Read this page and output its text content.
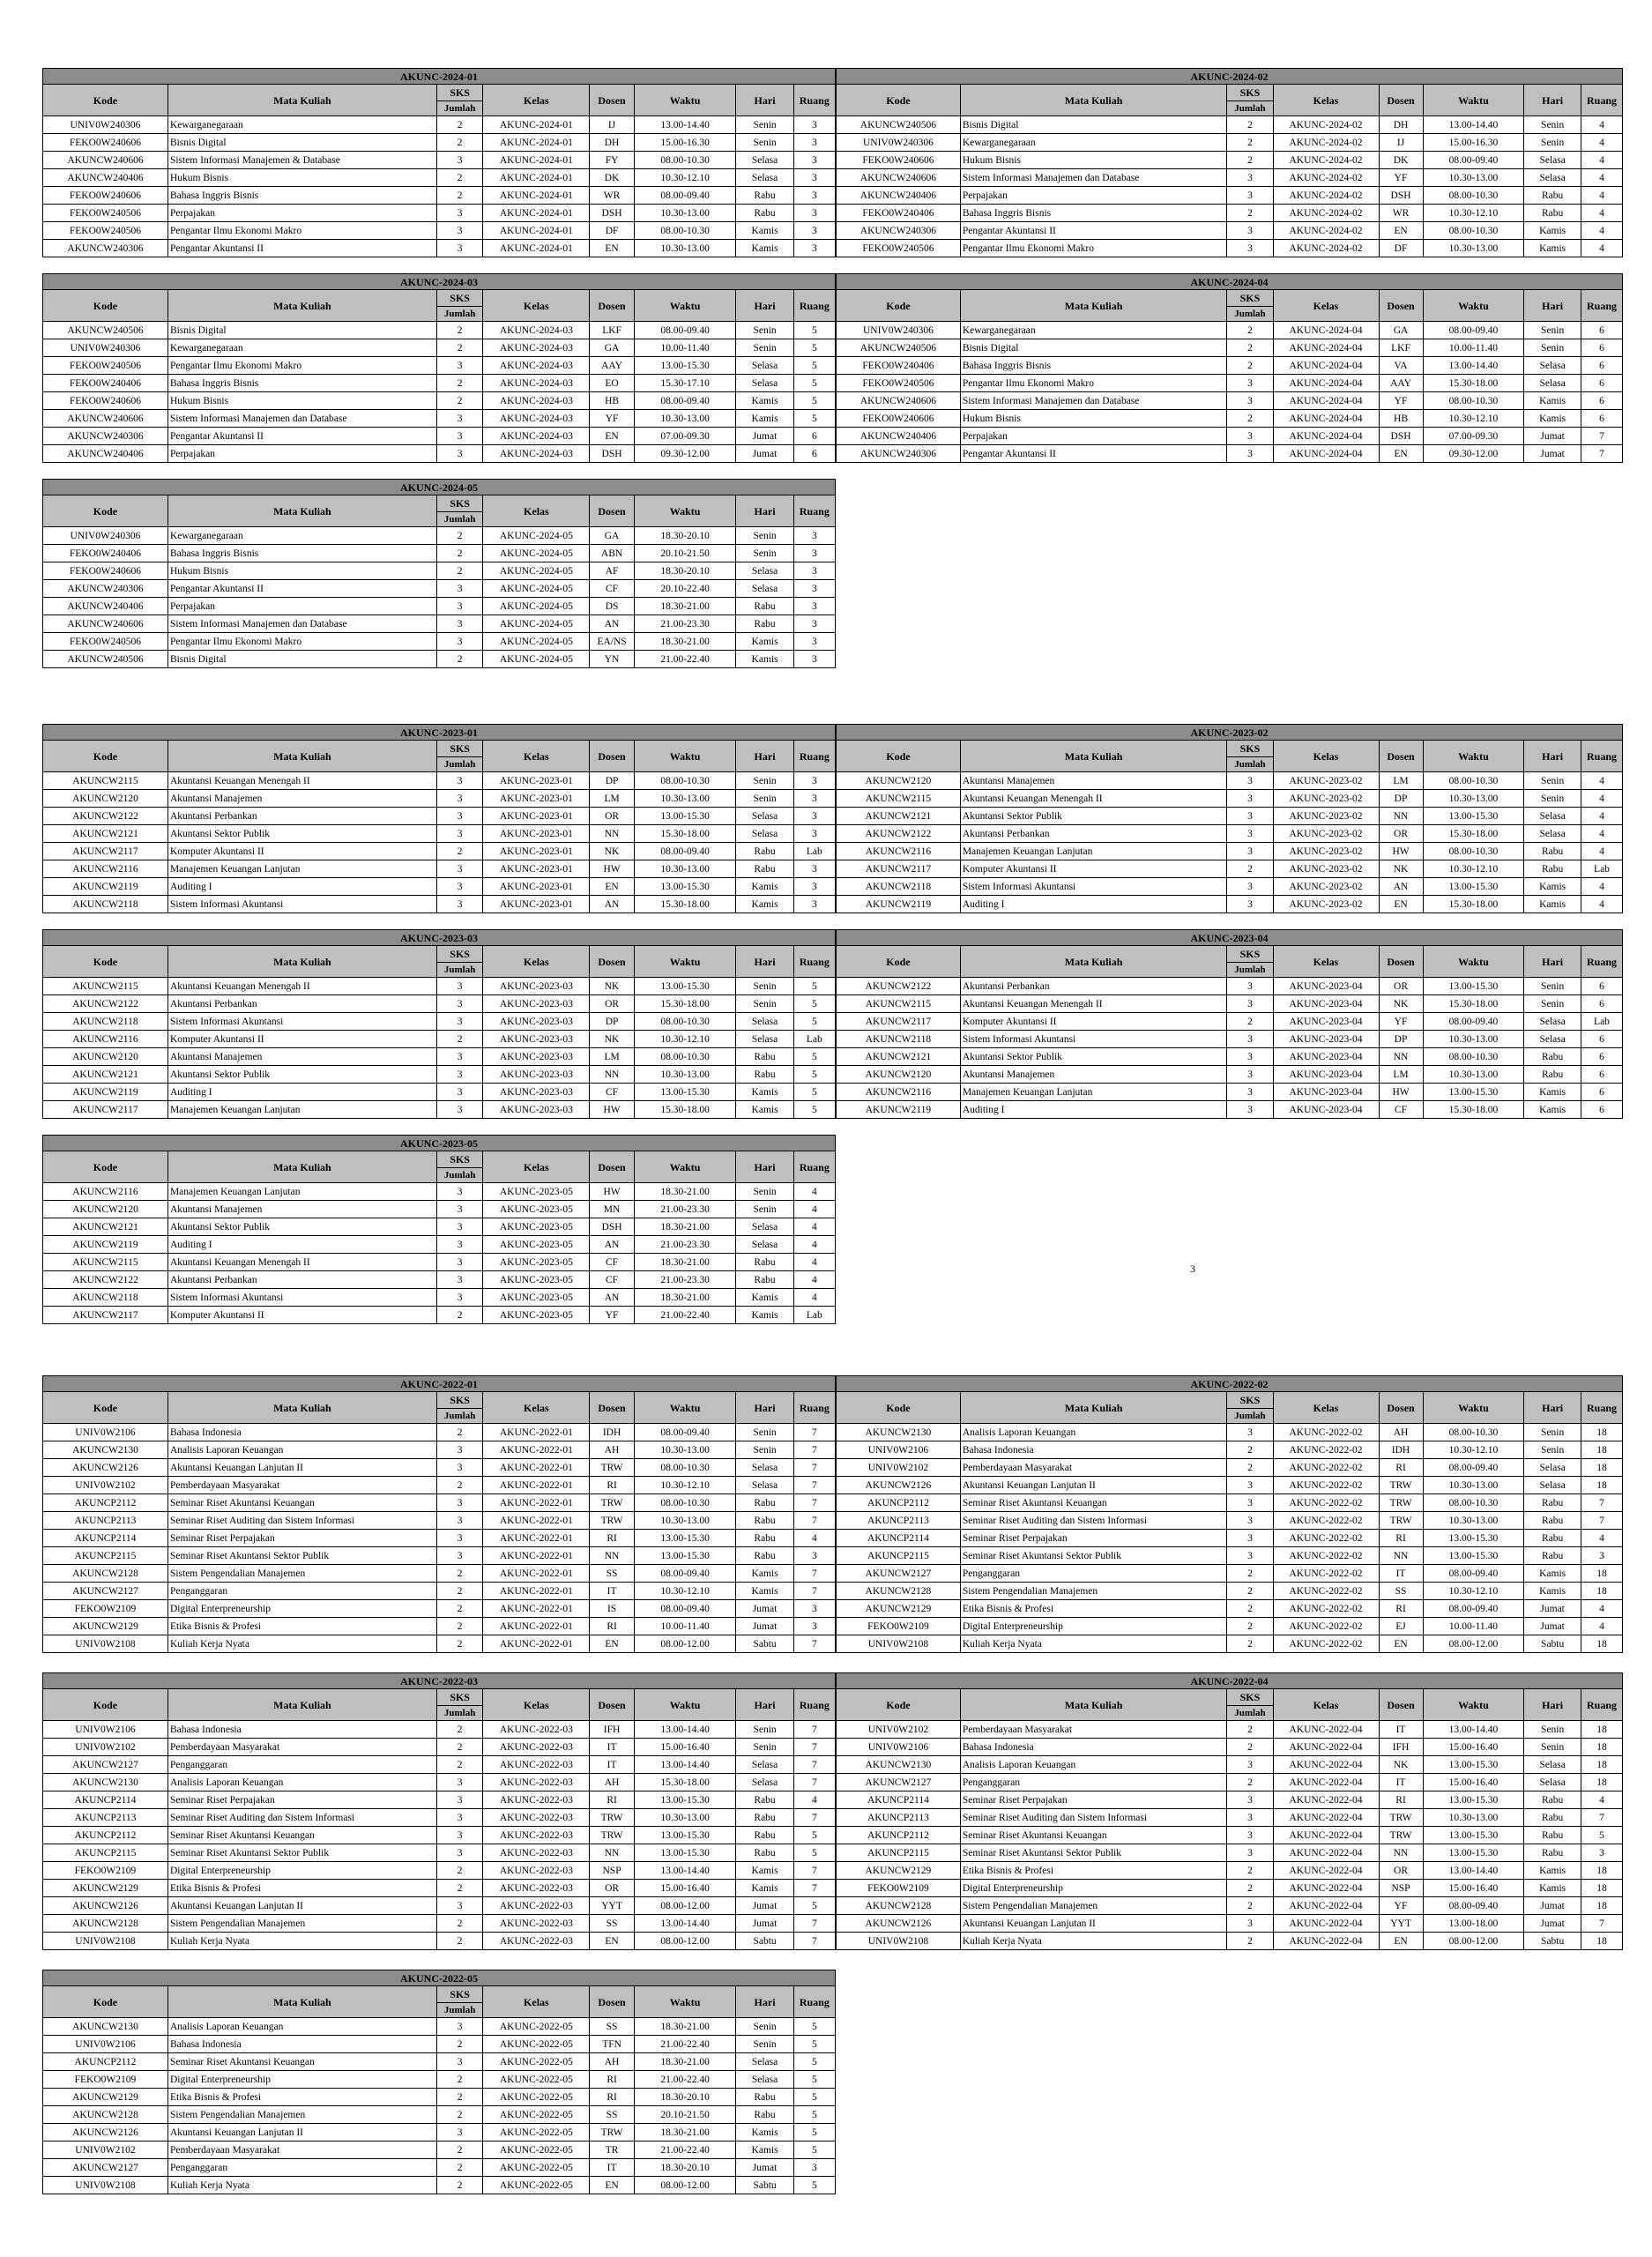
AKUNC-2024-01							
Kode	Mata Kuliah	SKS	Kelas	Dosen	Waktu	Hari	Ruang
		Jumlah					
UNIV0W240306	Kewarganegaraan	2	AKUNC-2024-01	IJ	13.00-14.40	Senin	3
FEKO0W240606	Bisnis Digital	2	AKUNC-2024-01	DH	15.00-16.30	Senin	3
AKUNCW240606	Sistem Informasi Manajemen & Database	3	AKUNC-2024-01	FY	08.00-10.30	Selasa	3
AKUNCW240406	Hukum Bisnis	2	AKUNC-2024-01	DK	10.30-12.10	Selasa	3
FEKO0W240606	Bahasa Inggris Bisnis	2	AKUNC-2024-01	WR	08.00-09.40	Rabu	3
FEKO0W240506	Perpajakan	3	AKUNC-2024-01	DSH	10.30-13.00	Rabu	3
FEKO0W240506	Pengantar Ilmu Ekonomi Makro	3	AKUNC-2024-01	DF	08.00-10.30	Kamis	3
AKUNCW240306	Pengantar Akuntansi II	3	AKUNC-2024-01	EN	10.30-13.00	Kamis	3
AKUNC-2024-02							
Kode	Mata Kuliah	SKS	Kelas	Dosen	Waktu	Hari	Ruang
		Jumlah					
AKUNCW240506	Bisnis Digital	2	AKUNC-2024-02	DH	13.00-14.40	Senin	4
UNIV0W240306	Kewarganegaraan	2	AKUNC-2024-02	IJ	15.00-16.30	Senin	4
FEKO0W240606	Hukum Bisnis	2	AKUNC-2024-02	DK	08.00-09.40	Selasa	4
AKUNCW240606	Sistem Informasi Manajemen dan Database	3	AKUNC-2024-02	YF	10.30-13.00	Selasa	4
AKUNCW240406	Perpajakan	3	AKUNC-2024-02	DSH	08.00-10.30	Rabu	4
FEKO0W240406	Bahasa Inggris Bisnis	2	AKUNC-2024-02	WR	10.30-12.10	Rabu	4
AKUNCW240306	Pengantar Akuntansi II	3	AKUNC-2024-02	EN	08.00-10.30	Kamis	4
FEKO0W240506	Pengantar Ilmu Ekonomi Makro	3	AKUNC-2024-02	DF	10.30-13.00	Kamis	4
AKUNC-2024-03							
Kode	Mata Kuliah	SKS	Kelas	Dosen	Waktu	Hari	Ruang
		Jumlah					
AKUNCW240506	Bisnis Digital	2	AKUNC-2024-03	LKF	08.00-09.40	Senin	5
UNIV0W240306	Kewarganegaraan	2	AKUNC-2024-03	GA	10.00-11.40	Senin	5
FEKO0W240506	Pengantar Ilmu Ekonomi Makro	3	AKUNC-2024-03	AAY	13.00-15.30	Selasa	5
FEKO0W240406	Bahasa Inggris Bisnis	2	AKUNC-2024-03	EO	15.30-17.10	Selasa	5
FEKO0W240606	Hukum Bisnis	2	AKUNC-2024-03	HB	08.00-09.40	Kamis	5
AKUNCW240606	Sistem Informasi Manajemen dan Database	3	AKUNC-2024-03	YF	10.30-13.00	Kamis	5
AKUNCW240306	Pengantar Akuntansi II	3	AKUNC-2024-03	EN	07.00-09.30	Jumat	6
AKUNCW240406	Perpajakan	3	AKUNC-2024-03	DSH	09.30-12.00	Jumat	6
AKUNC-2024-04							
Kode	Mata Kuliah	SKS	Kelas	Dosen	Waktu	Hari	Ruang
		Jumlah					
UNIV0W240306	Kewarganegaraan	2	AKUNC-2024-04	GA	08.00-09.40	Senin	6
AKUNCW240506	Bisnis Digital	2	AKUNC-2024-04	LKF	10.00-11.40	Senin	6
FEKO0W240406	Bahasa Inggris Bisnis	2	AKUNC-2024-04	VA	13.00-14.40	Selasa	6
FEKO0W240506	Pengantar Ilmu Ekonomi Makro	3	AKUNC-2024-04	AAY	15.30-18.00	Selasa	6
AKUNCW240606	Sistem Informasi Manajemen dan Database	3	AKUNC-2024-04	YF	08.00-10.30	Kamis	6
FEKO0W240606	Hukum Bisnis	2	AKUNC-2024-04	HB	10.30-12.10	Kamis	6
AKUNCW240406	Perpajakan	3	AKUNC-2024-04	DSH	07.00-09.30	Jumat	7
AKUNCW240306	Pengantar Akuntansi II	3	AKUNC-2024-04	EN	09.30-12.00	Jumat	7
AKUNC-2024-05							
Kode	Mata Kuliah	SKS	Kelas	Dosen	Waktu	Hari	Ruang
		Jumlah					
UNIV0W240306	Kewarganegaraan	2	AKUNC-2024-05	GA	18.30-20.10	Senin	3
FEKO0W240406	Bahasa Inggris Bisnis	2	AKUNC-2024-05	ABN	20.10-21.50	Senin	3
FEKO0W240606	Hukum Bisnis	2	AKUNC-2024-05	AF	18.30-20.10	Selasa	3
AKUNCW240306	Pengantar Akuntansi II	3	AKUNC-2024-05	CF	20.10-22.40	Selasa	3
AKUNCW240406	Perpajakan	3	AKUNC-2024-05	DS	18.30-21.00	Rabu	3
AKUNCW240606	Sistem Informasi Manajemen dan Database	3	AKUNC-2024-05	AN	21.00-23.30	Rabu	3
FEKO0W240506	Pengantar Ilmu Ekonomi Makro	3	AKUNC-2024-05	EA/NS	18.30-21.00	Kamis	3
AKUNCW240506	Bisnis Digital	2	AKUNC-2024-05	YN	21.00-22.40	Kamis	3
AKUNC-2023-01							
Kode	Mata Kuliah	SKS	Kelas	Dosen	Waktu	Hari	Ruang
		Jumlah					
AKUNCW2115	Akuntansi Keuangan Menengah II	3	AKUNC-2023-01	DP	08.00-10.30	Senin	3
AKUNCW2120	Akuntansi Manajemen	3	AKUNC-2023-01	LM	10.30-13.00	Senin	3
AKUNCW2122	Akuntansi Perbankan	3	AKUNC-2023-01	OR	13.00-15.30	Selasa	3
AKUNCW2121	Akuntansi Sektor Publik	3	AKUNC-2023-01	NN	15.30-18.00	Selasa	3
AKUNCW2117	Komputer Akuntansi II	2	AKUNC-2023-01	NK	08.00-09.40	Rabu	Lab
AKUNCW2116	Manajemen Keuangan Lanjutan	3	AKUNC-2023-01	HW	10.30-13.00	Rabu	3
AKUNCW2119	Auditing I	3	AKUNC-2023-01	EN	13.00-15.30	Kamis	3
AKUNCW2118	Sistem Informasi Akuntansi	3	AKUNC-2023-01	AN	15.30-18.00	Kamis	3
AKUNC-2023-02							
Kode	Mata Kuliah	SKS	Kelas	Dosen	Waktu	Hari	Ruang
		Jumlah					
AKUNCW2120	Akuntansi Manajemen	3	AKUNC-2023-02	LM	08.00-10.30	Senin	4
AKUNCW2115	Akuntansi Keuangan Menengah II	3	AKUNC-2023-02	DP	10.30-13.00	Senin	4
AKUNCW2121	Akuntansi Sektor Publik	3	AKUNC-2023-02	NN	13.00-15.30	Selasa	4
AKUNCW2122	Akuntansi Perbankan	3	AKUNC-2023-02	OR	15.30-18.00	Selasa	4
AKUNCW2116	Manajemen Keuangan Lanjutan	3	AKUNC-2023-02	HW	08.00-10.30	Rabu	4
AKUNCW2117	Komputer Akuntansi II	2	AKUNC-2023-02	NK	10.30-12.10	Rabu	Lab
AKUNCW2118	Sistem Informasi Akuntansi	3	AKUNC-2023-02	AN	13.00-15.30	Kamis	4
AKUNCW2119	Auditing I	3	AKUNC-2023-02	EN	15.30-18.00	Kamis	4
AKUNC-2023-03							
Kode	Mata Kuliah	SKS	Kelas	Dosen	Waktu	Hari	Ruang
		Jumlah					
AKUNCW2115	Akuntansi Keuangan Menengah II	3	AKUNC-2023-03	NK	13.00-15.30	Senin	5
AKUNCW2122	Akuntansi Perbankan	3	AKUNC-2023-03	OR	15.30-18.00	Senin	5
AKUNCW2118	Sistem Informasi Akuntansi	3	AKUNC-2023-03	DP	08.00-10.30	Selasa	5
AKUNCW2116	Komputer Akuntansi II	2	AKUNC-2023-03	NK	10.30-12.10	Selasa	Lab
AKUNCW2120	Akuntansi Manajemen	3	AKUNC-2023-03	LM	08.00-10.30	Rabu	5
AKUNCW2121	Akuntansi Sektor Publik	3	AKUNC-2023-03	NN	10.30-13.00	Rabu	5
AKUNCW2119	Auditing I	3	AKUNC-2023-03	CF	13.00-15.30	Kamis	5
AKUNCW2117	Manajemen Keuangan Lanjutan	3	AKUNC-2023-03	HW	15.30-18.00	Kamis	5
AKUNC-2023-04							
Kode	Mata Kuliah	SKS	Kelas	Dosen	Waktu	Hari	Ruang
		Jumlah					
AKUNCW2122	Akuntansi Perbankan	3	AKUNC-2023-04	OR	13.00-15.30	Senin	6
AKUNCW2115	Akuntansi Keuangan Menengah II	3	AKUNC-2023-04	NK	15.30-18.00	Senin	6
AKUNCW2117	Komputer Akuntansi II	2	AKUNC-2023-04	YF	08.00-09.40	Selasa	Lab
AKUNCW2118	Sistem Informasi Akuntansi	3	AKUNC-2023-04	DP	10.30-13.00	Selasa	6
AKUNCW2121	Akuntansi Sektor Publik	3	AKUNC-2023-04	NN	08.00-10.30	Rabu	6
AKUNCW2120	Akuntansi Manajemen	3	AKUNC-2023-04	LM	10.30-13.00	Rabu	6
AKUNCW2116	Manajemen Keuangan Lanjutan	3	AKUNC-2023-04	HW	13.00-15.30	Kamis	6
AKUNCW2119	Auditing I	3	AKUNC-2023-04	CF	15.30-18.00	Kamis	6
AKUNC-2023-05							
Kode	Mata Kuliah	SKS	Kelas	Dosen	Waktu	Hari	Ruang
		Jumlah					
AKUNCW2116	Manajemen Keuangan Lanjutan	3	AKUNC-2023-05	HW	18.30-21.00	Senin	4
AKUNCW2120	Akuntansi Manajemen	3	AKUNC-2023-05	MN	21.00-23.30	Senin	4
AKUNCW2121	Akuntansi Sektor Publik	3	AKUNC-2023-05	DSH	18.30-21.00	Selasa	4
AKUNCW2119	Auditing I	3	AKUNC-2023-05	AN	21.00-23.30	Selasa	4
AKUNCW2115	Akuntansi Keuangan Menengah II	3	AKUNC-2023-05	CF	18.30-21.00	Rabu	4
AKUNCW2122	Akuntansi Perbankan	3	AKUNC-2023-05	CF	21.00-23.30	Rabu	4
AKUNCW2118	Sistem Informasi Akuntansi	3	AKUNC-2023-05	AN	18.30-21.00	Kamis	4
AKUNCW2117	Komputer Akuntansi II	2	AKUNC-2023-05	YF	21.00-22.40	Kamis	Lab
3
AKUNC-2022-01							
Kode	Mata Kuliah	SKS	Kelas	Dosen	Waktu	Hari	Ruang
		Jumlah					
UNIV0W2106	Bahasa Indonesia	2	AKUNC-2022-01	IDH	08.00-09.40	Senin	7
AKUNCW2130	Analisis Laporan Keuangan	3	AKUNC-2022-01	AH	10.30-13.00	Senin	7
AKUNCW2126	Akuntansi Keuangan Lanjutan II	3	AKUNC-2022-01	TRW	08.00-10.30	Selasa	7
UNIV0W2102	Pemberdayaan Masyarakat	2	AKUNC-2022-01	RI	10.30-12.10	Selasa	7
AKUNCP2112	Seminar Riset Akuntansi Keuangan	3	AKUNC-2022-01	TRW	08.00-10.30	Rabu	7
AKUNCP2113	Seminar Riset Auditing dan Sistem Informasi	3	AKUNC-2022-01	TRW	10.30-13.00	Rabu	7
AKUNCP2114	Seminar Riset Perpajakan	3	AKUNC-2022-01	RI	13.00-15.30	Rabu	4
AKUNCP2115	Seminar Riset Akuntansi Sektor Publik	3	AKUNC-2022-01	NN	13.00-15.30	Rabu	3
AKUNCW2128	Sistem Pengendalian Manajemen	2	AKUNC-2022-01	SS	08.00-09.40	Kamis	7
AKUNCW2127	Penganggaran	2	AKUNC-2022-01	IT	10.30-12.10	Kamis	7
FEKO0W2109	Digital Enterpreneurship	2	AKUNC-2022-01	IS	08.00-09.40	Jumat	3
AKUNCW2129	Etika Bisnis & Profesi	2	AKUNC-2022-01	RI	10.00-11.40	Jumat	3
UNIV0W2108	Kuliah Kerja Nyata	2	AKUNC-2022-01	EN	08.00-12.00	Sabtu	7
AKUNC-2022-02							
Kode	Mata Kuliah	SKS	Kelas	Dosen	Waktu	Hari	Ruang
		Jumlah					
AKUNCW2130	Analisis Laporan Keuangan	3	AKUNC-2022-02	AH	08.00-10.30	Senin	18
UNIV0W2106	Bahasa Indonesia	2	AKUNC-2022-02	IDH	10.30-12.10	Senin	18
UNIV0W2102	Pemberdayaan Masyarakat	2	AKUNC-2022-02	RI	08.00-09.40	Selasa	18
AKUNCW2126	Akuntansi Keuangan Lanjutan II	3	AKUNC-2022-02	TRW	10.30-13.00	Selasa	18
AKUNCP2112	Seminar Riset Akuntansi Keuangan	3	AKUNC-2022-02	TRW	08.00-10.30	Rabu	7
AKUNCP2113	Seminar Riset Auditing dan Sistem Informasi	3	AKUNC-2022-02	TRW	10.30-13.00	Rabu	7
AKUNCP2114	Seminar Riset Perpajakan	3	AKUNC-2022-02	RI	13.00-15.30	Rabu	4
AKUNCP2115	Seminar Riset Akuntansi Sektor Publik	3	AKUNC-2022-02	NN	13.00-15.30	Rabu	3
AKUNCW2127	Penganggaran	2	AKUNC-2022-02	IT	08.00-09.40	Kamis	18
AKUNCW2128	Sistem Pengendalian Manajemen	2	AKUNC-2022-02	SS	10.30-12.10	Kamis	18
AKUNCW2129	Etika Bisnis & Profesi	2	AKUNC-2022-02	RI	08.00-09.40	Jumat	4
FEKO0W2109	Digital Enterpreneurship	2	AKUNC-2022-02	EJ	10.00-11.40	Jumat	4
UNIV0W2108	Kuliah Kerja Nyata	2	AKUNC-2022-02	EN	08.00-12.00	Sabtu	18
AKUNC-2022-03							
Kode	Mata Kuliah	SKS	Kelas	Dosen	Waktu	Hari	Ruang
		Jumlah					
UNIV0W2106	Bahasa Indonesia	2	AKUNC-2022-03	IFH	13.00-14.40	Senin	7
UNIV0W2102	Pemberdayaan Masyarakat	2	AKUNC-2022-03	IT	15.00-16.40	Senin	7
AKUNCW2127	Penganggaran	2	AKUNC-2022-03	IT	13.00-14.40	Selasa	7
AKUNCW2130	Analisis Laporan Keuangan	3	AKUNC-2022-03	AH	15.30-18.00	Selasa	7
AKUNCP2114	Seminar Riset Perpajakan	3	AKUNC-2022-03	RI	13.00-15.30	Rabu	4
AKUNCP2113	Seminar Riset Auditing dan Sistem Informasi	3	AKUNC-2022-03	TRW	10.30-13.00	Rabu	7
AKUNCP2112	Seminar Riset Akuntansi Keuangan	3	AKUNC-2022-03	TRW	13.00-15.30	Rabu	5
AKUNCP2115	Seminar Riset Akuntansi Sektor Publik	3	AKUNC-2022-03	NN	13.00-15.30	Rabu	5
FEKO0W2109	Digital Enterpreneurship	2	AKUNC-2022-03	NSP	13.00-14.40	Kamis	7
AKUNCW2129	Etika Bisnis & Profesi	2	AKUNC-2022-03	OR	15.00-16.40	Kamis	7
AKUNCW2126	Akuntansi Keuangan Lanjutan II	3	AKUNC-2022-03	YYT	08.00-12.00	Jumat	5
AKUNCW2128	Sistem Pengendalian Manajemen	2	AKUNC-2022-03	SS	13.00-14.40	Jumat	7
UNIV0W2108	Kuliah Kerja Nyata	2	AKUNC-2022-03	EN	08.00-12.00	Sabtu	7
AKUNC-2022-04							
Kode	Mata Kuliah	SKS	Kelas	Dosen	Waktu	Hari	Ruang
		Jumlah					
UNIV0W2102	Pemberdayaan Masyarakat	2	AKUNC-2022-04	IT	13.00-14.40	Senin	18
UNIV0W2106	Bahasa Indonesia	2	AKUNC-2022-04	IFH	15.00-16.40	Senin	18
AKUNCW2130	Analisis Laporan Keuangan	3	AKUNC-2022-04	NK	13.00-15.30	Selasa	18
AKUNCW2127	Penganggaran	2	AKUNC-2022-04	IT	15.00-16.40	Selasa	18
AKUNCP2114	Seminar Riset Perpajakan	3	AKUNC-2022-04	RI	13.00-15.30	Rabu	4
AKUNCP2113	Seminar Riset Auditing dan Sistem Informasi	3	AKUNC-2022-04	TRW	10.30-13.00	Rabu	7
AKUNCP2112	Seminar Riset Akuntansi Keuangan	3	AKUNC-2022-04	TRW	13.00-15.30	Rabu	5
AKUNCP2115	Seminar Riset Akuntansi Sektor Publik	3	AKUNC-2022-04	NN	13.00-15.30	Rabu	3
AKUNCW2129	Etika Bisnis & Profesi	2	AKUNC-2022-04	OR	13.00-14.40	Kamis	18
FEKO0W2109	Digital Enterpreneurship	2	AKUNC-2022-04	NSP	15.00-16.40	Kamis	18
AKUNCW2128	Sistem Pengendalian Manajemen	2	AKUNC-2022-04	YF	08.00-09.40	Jumat	18
AKUNCW2126	Akuntansi Keuangan Lanjutan II	3	AKUNC-2022-04	YYT	13.00-18.00	Jumat	7
UNIV0W2108	Kuliah Kerja Nyata	2	AKUNC-2022-04	EN	08.00-12.00	Sabtu	18
AKUNC-2022-05							
Kode	Mata Kuliah	SKS	Kelas	Dosen	Waktu	Hari	Ruang
		Jumlah					
AKUNCW2130	Analisis Laporan Keuangan	3	AKUNC-2022-05	SS	18.30-21.00	Senin	5
UNIV0W2106	Bahasa Indonesia	2	AKUNC-2022-05	TFN	21.00-22.40	Senin	5
AKUNCP2112	Seminar Riset Akuntansi Keuangan	3	AKUNC-2022-05	AH	18.30-21.00	Selasa	5
FEKO0W2109	Digital Enterpreneurship	2	AKUNC-2022-05	RI	21.00-22.40	Selasa	5
AKUNCW2129	Etika Bisnis & Profesi	2	AKUNC-2022-05	RI	18.30-20.10	Rabu	5
AKUNCW2128	Sistem Pengendalian Manajemen	2	AKUNC-2022-05	SS	20.10-21.50	Rabu	5
AKUNCW2126	Akuntansi Keuangan Lanjutan II	3	AKUNC-2022-05	TRW	18.30-21.00	Kamis	5
UNIV0W2102	Pemberdayaan Masyarakat	2	AKUNC-2022-05	TR	21.00-22.40	Kamis	5
AKUNCW2127	Penganggaran	2	AKUNC-2022-05	IT	18.30-20.10	Jumat	3
UNIV0W2108	Kuliah Kerja Nyata	2	AKUNC-2022-05	EN	08.00-12.00	Sabtu	5
